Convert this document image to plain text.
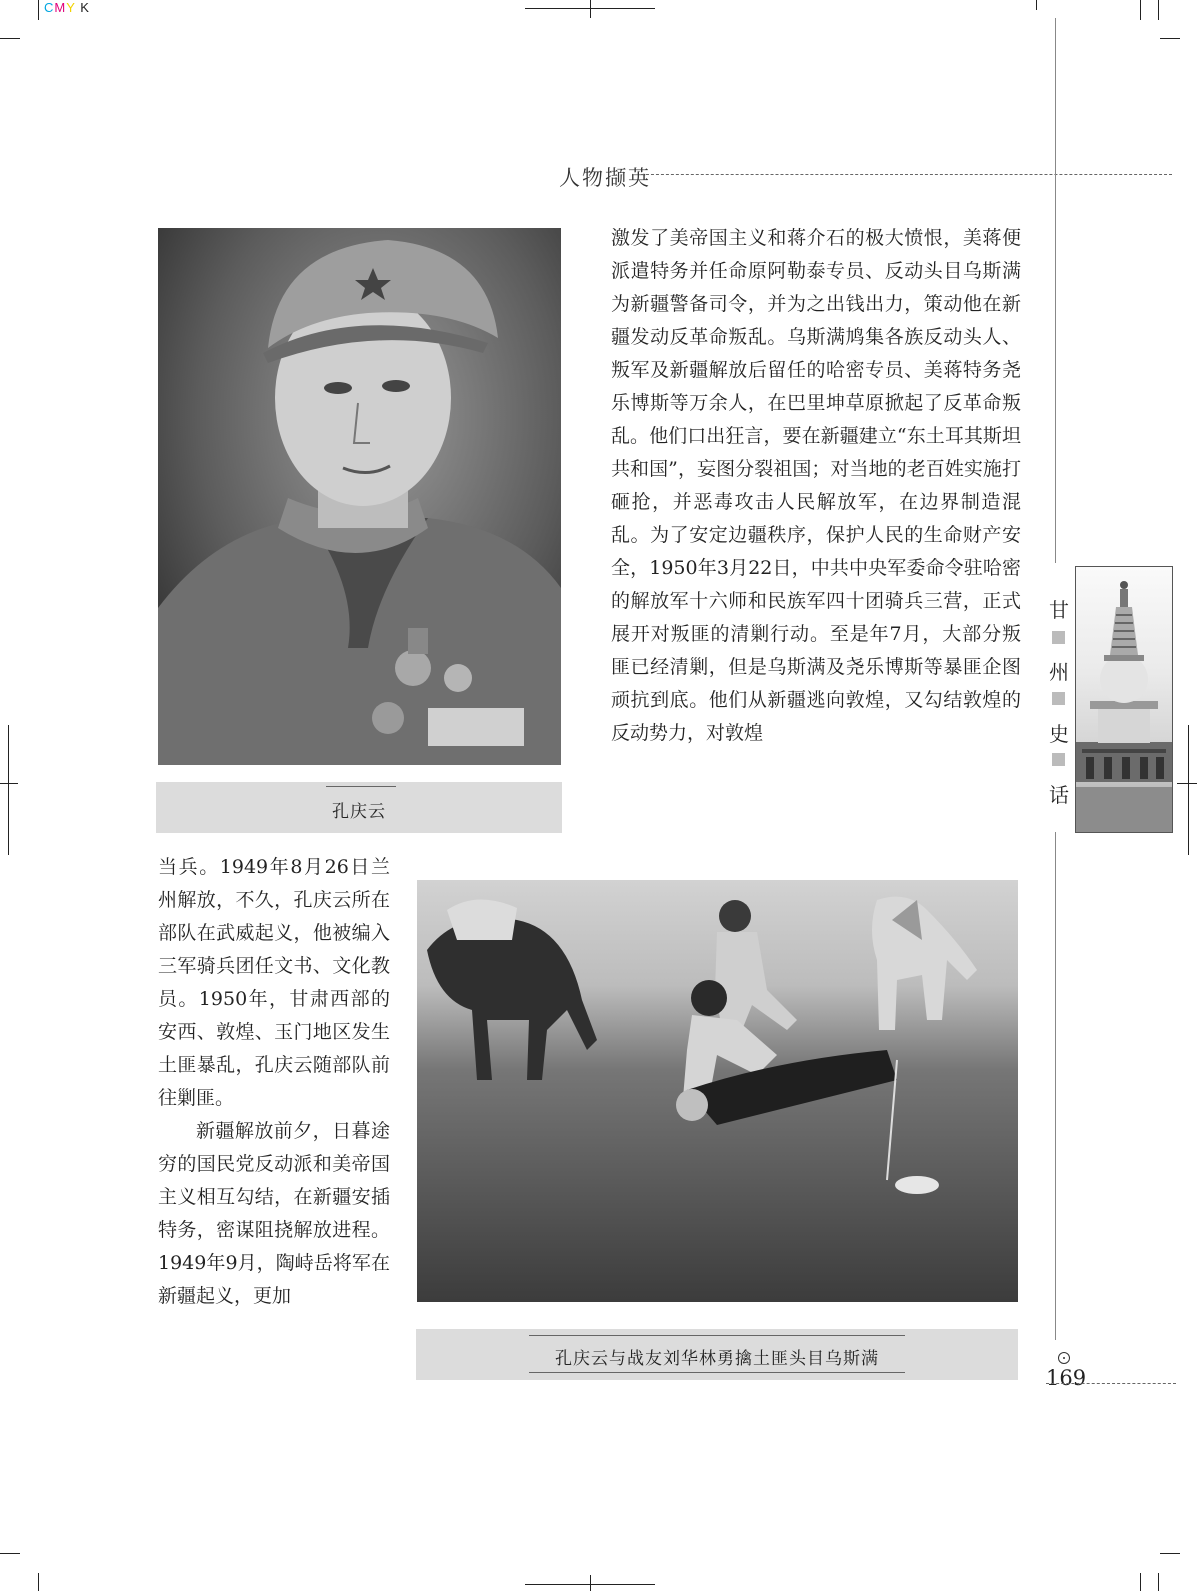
CMY K
人物撷英
甘
州
史
话
孔庆云

激发了美帝国主义和蒋介石的极大愤恨，美蒋便派遣特务并任命原阿勒泰专员、反动头目乌斯满为新疆警备司令，并为之出钱出力，策动他在新疆发动反革命叛乱。乌斯满鸠集各族反动头人、叛军及新疆解放后留任的哈密专员、美蒋特务尧乐博斯等万余人，在巴里坤草原掀起了反革命叛乱。他们口出狂言，要在新疆建立“东土耳其斯坦共和国”，妄图分裂祖国；对当地的老百姓实施打砸抢，并恶毒攻击人民解放军，在边界制造混乱。为了安定边疆秩序，保护人民的生命财产安全，1950年3月22日，中共中央军委命令驻哈密的解放军十六师和民族军四十团骑兵三营，正式展开对叛匪的清剿行动。至是年7月，大部分叛匪已经清剿，但是乌斯满及尧乐博斯等暴匪企图顽抗到底。他们从新疆逃向敦煌，又勾结敦煌的反动势力，对敦煌

当兵。1949年8月26日兰州解放，不久，孔庆云所在部队在武威起义，他被编入三军骑兵团任文书、文化教员。1950年，甘肃西部的安西、敦煌、玉门地区发生土匪暴乱，孔庆云随部队前往剿匪。

新疆解放前夕，日暮途穷的国民党反动派和美帝国主义相互勾结，在新疆安插特务，密谋阻挠解放进程。1949年9月，陶峙岳将军在新疆起义，更加

孔庆云与战友刘华林勇擒土匪头目乌斯满
169
